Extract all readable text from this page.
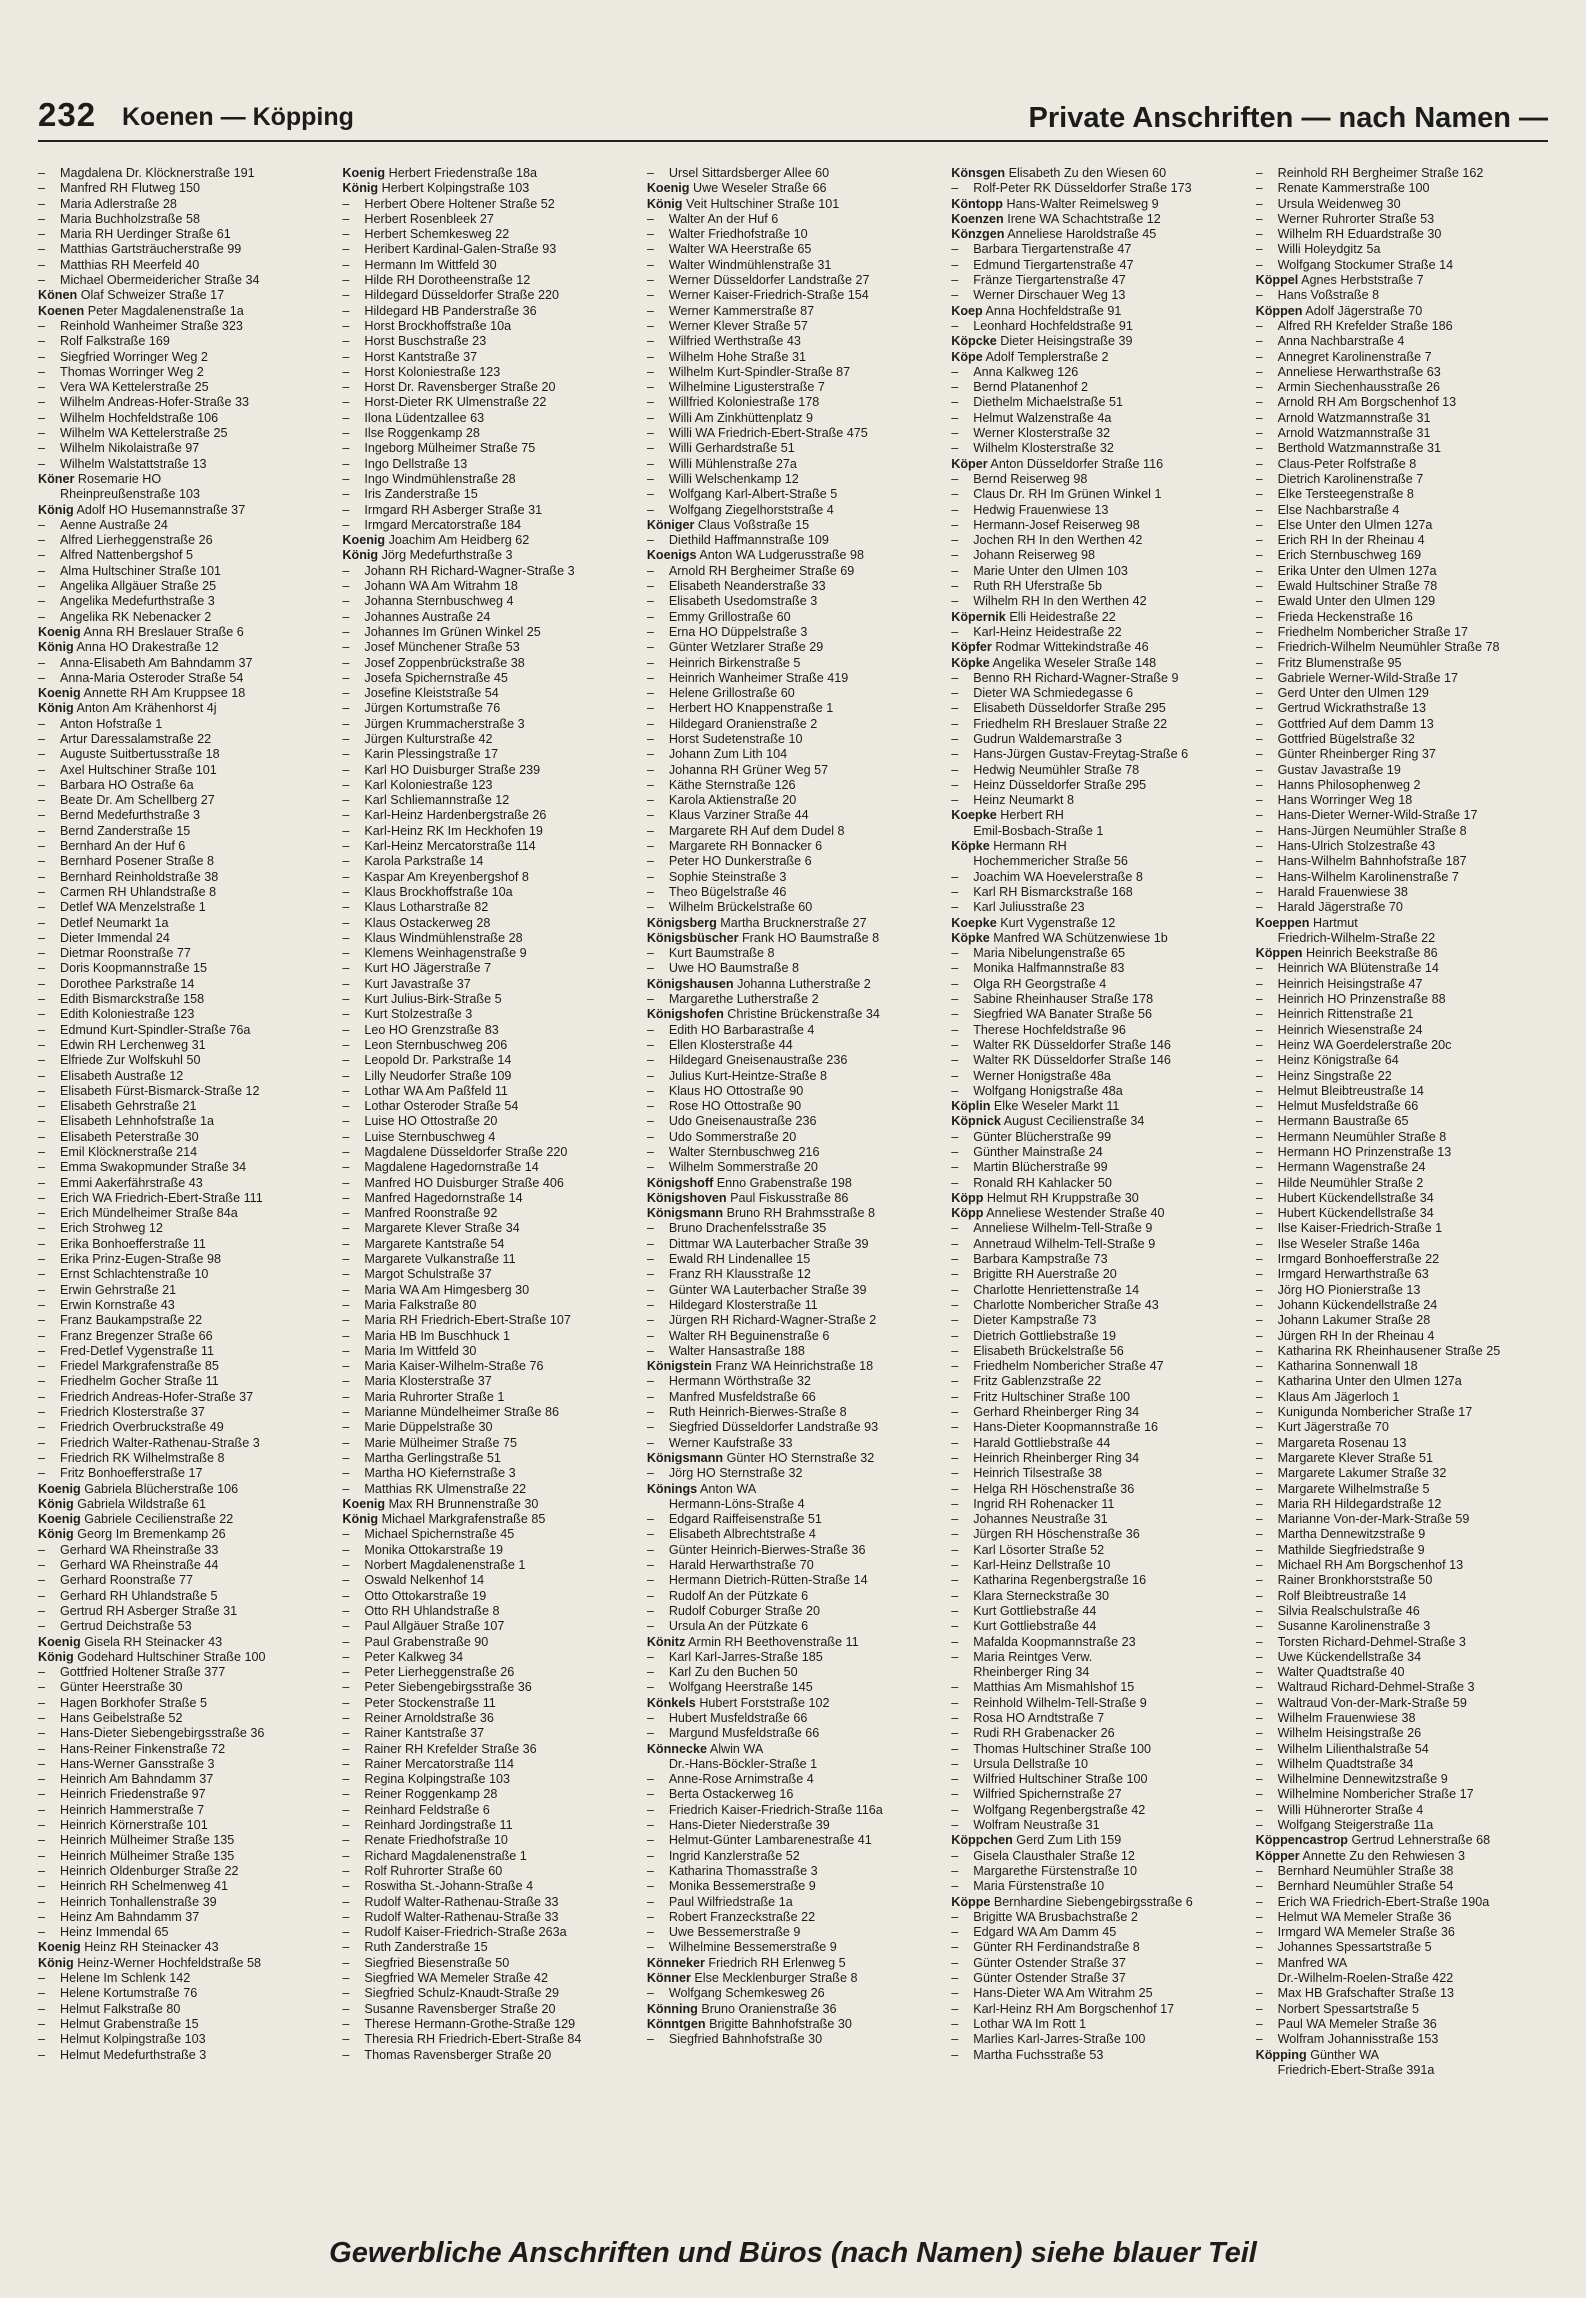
232 Koenen — Köpping	Private Anschriften — nach Namen —
– Magdalena Dr. Klöcknerstraße 191
– Manfred RH Flutweg 150
– Maria Adlerstraße 28
– Maria Buchholzstraße 58
– Maria RH Uerdinger Straße 61
– Matthias Gartsträucherstraße 99
– Matthias RH Meerfeld 40
– Michael Obermeidericher Straße 34
Könen Olaf Schweizer Straße 17
Koenen Peter Magdalenenstraße 1a
– Reinhold Wanheimer Straße 323
– Rolf Falkstraße 169
– Siegfried Worringer Weg 2
– Thomas Worringer Weg 2
– Vera WA Kettelerstraße 25
– Wilhelm Andreas-Hofer-Straße 33
– Wilhelm Hochfeldstraße 106
– Wilhelm WA Kettelerstraße 25
– Wilhelm Nikolaistraße 97
– Wilhelm Walstattstraße 13
Köner Rosemarie HO
Rheinpreußenstraße 103
König Adolf HO Husemannstraße 37
– Aenne Austraße 24
– Alfred Lierheggenstraße 26
– Alfred Nattenbergshof 5
– Alma Hultschiner Straße 101
– Angelika Allgäuer Straße 25
– Angelika Medefurthstraße 3
– Angelika RK Nebenacker 2
Koenig Anna RH Breslauer Straße 6
König Anna HO Drakestraße 12
– Anna-Elisabeth Am Bahndamm 37
– Anna-Maria Osteroder Straße 54
Koenig Annette RH Am Kruppsee 18
König Anton Am Krähenhorst 4j
– Anton Hofstraße 1
– Artur Daressalamstraße 22
– Auguste Suitbertusstraße 18
– Axel Hultschiner Straße 101
– Barbara HO Ostraße 6a
– Beate Dr. Am Schellberg 27
– Bernd Medefurthstraße 3
– Bernd Zanderstraße 15
– Bernhard An der Huf 6
– Bernhard Posener Straße 8
– Bernhard Reinholdstraße 38
– Carmen RH Uhlandstraße 8
– Detlef WA Menzelstraße 1
– Detlef Neumarkt 1a
– Dieter Immendal 24
– Dietmar Roonstraße 77
– Doris Koopmannstraße 15
– Dorothee Parkstraße 14
– Edith Bismarckstraße 158
– Edith Koloniestraße 123
– Edmund Kurt-Spindler-Straße 76a
– Edwin RH Lerchenweg 31
– Elfriede Zur Wolfskuhl 50
– Elisabeth Austraße 12
– Elisabeth Fürst-Bismarck-Straße 12
– Elisabeth Gehrstraße 21
– Elisabeth Lehnhofstraße 1a
– Elisabeth Peterstraße 30
– Emil Klöcknerstraße 214
– Emma Swakopmunder Straße 34
– Emmi Aakerfährstraße 43
– Erich WA Friedrich-Ebert-Straße 111
– Erich Mündelheimer Straße 84a
– Erich Strohweg 12
– Erika Bonhoefferstraße 11
– Erika Prinz-Eugen-Straße 98
– Ernst Schlachtenstraße 10
– Erwin Gehrstraße 21
– Erwin Kornstraße 43
– Franz Baukampstraße 22
– Franz Bregenzer Straße 66
– Fred-Detlef Vygenstraße 11
– Friedel Markgrafenstraße 85
– Friedhelm Gocher Straße 11
– Friedrich Andreas-Hofer-Straße 37
– Friedrich Klosterstraße 37
– Friedrich Overbruckstraße 49
– Friedrich Walter-Rathenau-Straße 3
– Friedrich RK Wilhelmstraße 8
– Fritz Bonhoefferstraße 17
Koenig Gabriela Blücherstraße 106
König Gabriela Wildstraße 61
Koenig Gabriele Cecilienstraße 22
König Georg Im Bremenkamp 26
– Gerhard WA Rheinstraße 33
– Gerhard WA Rheinstraße 44
– Gerhard Roonstraße 77
– Gerhard RH Uhlandstraße 5
– Gertrud RH Asberger Straße 31
– Gertrud Deichstraße 53
Koenig Gisela RH Steinacker 43
König Godehard Hultschiner Straße 100
– Gottfried Holtener Straße 377
– Günter Heerstraße 30
– Hagen Borkhofer Straße 5
– Hans Geibelstraße 52
– Hans-Dieter Siebengebirgsstraße 36
– Hans-Reiner Finkenstraße 72
– Hans-Werner Gansstraße 3
– Heinrich Am Bahndamm 37
– Heinrich Friedenstraße 97
– Heinrich Hammerstraße 7
– Heinrich Körnerstraße 101
– Heinrich Mülheimer Straße 135
– Heinrich Mülheimer Straße 135
– Heinrich Oldenburger Straße 22
– Heinrich RH Schelmenweg 41
– Heinrich Tonhallenstraße 39
– Heinz Am Bahndamm 37
– Heinz Immendal 65
Koenig Heinz RH Steinacker 43
König Heinz-Werner Hochfeldstraße 58
– Helene Im Schlenk 142
– Helene Kortumstraße 76
– Helmut Falkstraße 80
– Helmut Grabenstraße 15
– Helmut Kolpingstraße 103
– Helmut Medefurthstraße 3
Koenig Herbert Friedenstraße 18a
König Herbert Kolpingstraße 103
– Herbert Obere Holtener Straße 52
– Herbert Rosenbleek 27
– Herbert Schemkesweg 22
– Heribert Kardinal-Galen-Straße 93
– Hermann Im Wittfeld 30
– Hilde RH Dorotheenstraße 12
– Hildegard Düsseldorfer Straße 220
– Hildegard HB Panderstraße 36
– Horst Brockhoffstraße 10a
– Horst Buschstraße 23
– Horst Kantstraße 37
– Horst Koloniestraße 123
– Horst Dr. Ravensberger Straße 20
– Horst-Dieter RK Ulmenstraße 22
– Ilona Lüdentzallee 63
– Ilse Roggenkamp 28
– Ingeborg Mülheimer Straße 75
– Ingo Dellstraße 13
– Ingo Windmühlenstraße 28
– Iris Zanderstraße 15
– Irmgard RH Asberger Straße 31
– Irmgard Mercatorstraße 184
Koenig Joachim Am Heidberg 62
König Jörg Medefurthstraße 3
– Johann RH Richard-Wagner-Straße 3
– Johann WA Am Witrahm 18
– Johanna Sternbuschweg 4
– Johannes Austraße 24
– Johannes Im Grünen Winkel 25
– Josef Münchener Straße 53
– Josef Zoppenbrückstraße 38
– Josefa Spichernstraße 45
– Josefine Kleiststraße 54
– Jürgen Kortumstraße 76
– Jürgen Krummacherstraße 3
– Jürgen Kulturstraße 42
– Karin Plessingstraße 17
– Karl HO Duisburger Straße 239
– Karl Koloniestraße 123
– Karl Schliemannstraße 12
– Karl-Heinz Hardenbergstraße 26
– Karl-Heinz RK Im Heckhofen 19
– Karl-Heinz Mercatorstraße 114
– Karola Parkstraße 14
– Kaspar Am Kreyenbergshof 8
– Klaus Brockhoffstraße 10a
– Klaus Lotharstraße 82
– Klaus Ostackerweg 28
– Klaus Windmühlenstraße 28
– Klemens Weinhagenstraße 9
– Kurt HO Jägerstraße 7
– Kurt Javastraße 37
– Kurt Julius-Birk-Straße 5
– Kurt Stolzestraße 3
– Leo HO Grenzstraße 83
– Leon Sternbuschweg 206
– Leopold Dr. Parkstraße 14
– Lilly Neudorfer Straße 109
– Lothar WA Am Paßfeld 11
– Lothar Osteroder Straße 54
– Luise HO Ottostraße 20
– Luise Sternbuschweg 4
– Magdalene Düsseldorfer Straße 220
– Magdalene Hagedornstraße 14
– Manfred HO Duisburger Straße 406
– Manfred Hagedornstraße 14
– Manfred Roonstraße 92
– Margarete Klever Straße 34
– Margarete Kantstraße 54
– Margarete Vulkanstraße 11
– Margot Schulstraße 37
– Maria WA Am Himgesberg 30
– Maria Falkstraße 80
– Maria RH Friedrich-Ebert-Straße 107
– Maria HB Im Buschhuck 1
– Maria Im Wittfeld 30
– Maria Kaiser-Wilhelm-Straße 76
– Maria Klosterstraße 37
– Maria Ruhrorter Straße 1
– Marianne Mündelheimer Straße 86
– Marie Düppelstraße 30
– Marie Mülheimer Straße 75
– Martha Gerlingstraße 51
– Martha HO Kiefernstraße 3
– Matthias RK Ulmenstraße 22
Koenig Max RH Brunnenstraße 30
König Michael Markgrafenstraße 85
– Michael Spichernstraße 45
– Monika Ottokarstraße 19
– Norbert Magdalenenstraße 1
– Oswald Nelkenhof 14
– Otto Ottokarstraße 19
– Otto RH Uhlandstraße 8
– Paul Allgäuer Straße 107
– Paul Grabenstraße 90
– Peter Kalkweg 34
– Peter Lierheggenstraße 26
– Peter Siebengebirgsstraße 36
– Peter Stockenstraße 11
– Reiner Arnoldstraße 36
– Rainer Kantstraße 37
– Rainer RH Krefelder Straße 36
– Rainer Mercatorstraße 114
– Regina Kolpingstraße 103
– Reiner Roggenkamp 28
– Reinhard Feldstraße 6
– Reinhard Jordingstraße 11
– Renate Friedhofstraße 10
– Richard Magdalenenstraße 1
– Rolf Ruhrorter Straße 60
– Roswitha St.-Johann-Straße 4
– Rudolf Walter-Rathenau-Straße 33
– Rudolf Walter-Rathenau-Straße 33
– Rudolf Kaiser-Friedrich-Straße 263a
– Ruth Zanderstraße 15
– Siegfried Biesenstraße 50
– Siegfried WA Memeler Straße 42
– Siegfried Schulz-Knaudt-Straße 29
– Susanne Ravensberger Straße 20
– Therese Hermann-Grothe-Straße 129
– Theresia RH Friedrich-Ebert-Straße 84
– Thomas Ravensberger Straße 20
– Ursel Sittardsberger Allee 60
Koenig Uwe Weseler Straße 66
König Veit Hultschiner Straße 101
– Walter An der Huf 6
– Walter Friedhofstraße 10
– Walter WA Heerstraße 65
– Walter Windmühlenstraße 31
– Werner Düsseldorfer Landstraße 27
– Werner Kaiser-Friedrich-Straße 154
– Werner Kammerstraße 87
– Werner Klever Straße 57
– Wilfried Werthstraße 43
– Wilhelm Hohe Straße 31
– Wilhelm Kurt-Spindler-Straße 87
– Wilhelmine Ligusterstraße 7
– Willfried Koloniestraße 178
– Willi Am Zinkhüttenplatz 9
– Willi WA Friedrich-Ebert-Straße 475
– Willi Gerhardstraße 51
– Willi Mühlenstraße 27a
– Willi Welschenkamp 12
– Wolfgang Karl-Albert-Straße 5
– Wolfgang Ziegelhorststraße 4
Königer Claus Voßstraße 15
– Diethild Haffmannstraße 109
Koenigs Anton WA Ludgerusstraße 98
– Arnold RH Bergheimer Straße 69
– Elisabeth Neanderstraße 33
– Elisabeth Usedomstraße 3
– Emmy Grillostraße 60
– Erna HO Düppelstraße 3
– Günter Wetzlarer Straße 29
– Heinrich Birkenstraße 5
– Heinrich Wanheimer Straße 419
– Helene Grillostraße 60
– Herbert HO Knappenstraße 1
– Hildegard Oranienstraße 2
– Horst Sudetenstraße 10
– Johann Zum Lith 104
– Johanna RH Grüner Weg 57
– Käthe Sternstraße 126
– Karola Aktienstraße 20
– Klaus Varziner Straße 44
– Margarete RH Auf dem Dudel 8
– Margarete RH Bonnacker 6
– Peter HO Dunkerstraße 6
– Sophie Steinstraße 3
– Theo Bügelstraße 46
– Wilhelm Brückelstraße 60
Königsberg Martha Brucknerstraße 27
Königsbüscher Frank HO Baumstraße 8
– Kurt Baumstraße 8
– Uwe HO Baumstraße 8
Königshausen Johanna Lutherstraße 2
– Margarethe Lutherstraße 2
Königshofen Christine Brückenstraße 34
– Edith HO Barbarastraße 4
– Ellen Klosterstraße 44
– Hildegard Gneisenaustraße 236
– Julius Kurt-Heintze-Straße 8
– Klaus HO Ottostraße 90
– Rose HO Ottostraße 90
– Udo Gneisenaustraße 236
– Udo Sommerstraße 20
– Walter Sternbuschweg 216
– Wilhelm Sommerstraße 20
Königshoff Enno Grabenstraße 198
Königshoven Paul Fiskusstraße 86
Königsmann Bruno RH Brahmsstraße 8
– Bruno Drachenfelsstraße 35
– Dittmar WA Lauterbacher Straße 39
– Ewald RH Lindenallee 15
– Franz RH Klausstraße 12
– Günter WA Lauterbacher Straße 39
– Hildegard Klosterstraße 11
– Jürgen RH Richard-Wagner-Straße 2
– Walter RH Beguinenstraße 6
– Walter Hansastraße 188
Königstein Franz WA Heinrichstraße 18
– Hermann Wörthstraße 32
– Manfred Musfeldstraße 66
– Ruth Heinrich-Bierwes-Straße 8
– Siegfried Düsseldorfer Landstraße 93
– Werner Kaufstraße 33
Königsmann Günter HO Sternstraße 32
– Jörg HO Sternstraße 32
Könings Anton WA
Hermann-Löns-Straße 4
– Edgard Raiffeisenstraße 51
– Elisabeth Albrechtstraße 4
– Günter Heinrich-Bierwes-Straße 36
– Harald Herwarthstraße 70
– Hermann Dietrich-Rütten-Straße 14
– Rudolf An der Pützkate 6
– Rudolf Coburger Straße 20
– Ursula An der Pützkate 6
Könitz Armin RH Beethovenstraße 11
– Karl Karl-Jarres-Straße 185
– Karl Zu den Buchen 50
– Wolfgang Heerstraße 145
Könkels Hubert Forststraße 102
– Hubert Musfeldstraße 66
– Margund Musfeldstraße 66
Könnecke Alwin WA
Dr.-Hans-Böckler-Straße 1
– Anne-Rose Arnimstraße 4
– Berta Ostackerweg 16
– Friedrich Kaiser-Friedrich-Straße 116a
– Hans-Dieter Niederstraße 39
– Helmut-Günter Lambarenestraße 41
– Ingrid Kanzlerstraße 52
– Katharina Thomasstraße 3
– Monika Bessemerstraße 9
– Paul Wilfriedstraße 1a
– Robert Franzeckstraße 22
– Uwe Bessemerstraße 9
– Wilhelmine Bessemerstraße 9
Könneker Friedrich RH Erlenweg 5
Könner Else Mecklenburger Straße 8
– Wolfgang Schemkesweg 26
Könning Bruno Oranienstraße 36
Könntgen Brigitte Bahnhofstraße 30
– Siegfried Bahnhofstraße 30
Könsgen Elisabeth Zu den Wiesen 60
– Rolf-Peter RK Düsseldorfer Straße 173
Köntopp Hans-Walter Reimelsweg 9
Koenzen Irene WA Schachtstraße 12
Könzgen Anneliese Haroldstraße 45
– Barbara Tiergartenstraße 47
– Edmund Tiergartenstraße 47
– Fränze Tiergartenstraße 47
– Werner Dirschauer Weg 13
Koep Anna Hochfeldstraße 91
– Leonhard Hochfeldstraße 91
Köpcke Dieter Heisingstraße 39
Köpe Adolf Templerstraße 2
– Anna Kalkweg 126
– Bernd Platanenhof 2
– Diethelm Michaelstraße 51
– Helmut Walzenstraße 4a
– Werner Klosterstraße 32
– Wilhelm Klosterstraße 32
Köper Anton Düsseldorfer Straße 116
– Bernd Reiserweg 98
– Claus Dr. RH Im Grünen Winkel 1
– Hedwig Frauenwiese 13
– Hermann-Josef Reiserweg 98
– Jochen RH In den Werthen 42
– Johann Reiserweg 98
– Marie Unter den Ulmen 103
– Ruth RH Uferstraße 5b
– Wilhelm RH In den Werthen 42
Köpernik Elli Heidestraße 22
– Karl-Heinz Heidestraße 22
Köpfer Rodmar Wittekindstraße 46
Köpke Angelika Weseler Straße 148
– Benno RH Richard-Wagner-Straße 9
– Dieter WA Schmiedegasse 6
– Elisabeth Düsseldorfer Straße 295
– Friedhelm RH Breslauer Straße 22
– Gudrun Waldemarstraße 3
– Hans-Jürgen Gustav-Freytag-Straße 6
– Hedwig Neumühler Straße 78
– Heinz Düsseldorfer Straße 295
– Heinz Neumarkt 8
Koepke Herbert RH
Emil-Bosbach-Straße 1
Köpke Hermann RH
Hochemmericher Straße 56
– Joachim WA Hoevelerstraße 8
– Karl RH Bismarckstraße 168
– Karl Juliusstraße 23
Koepke Kurt Vygenstraße 12
Köpke Manfred WA Schützenwiese 1b
– Maria Nibelungenstraße 65
– Monika Halfmannstraße 83
– Olga RH Georgstraße 4
– Sabine Rheinhauser Straße 178
– Siegfried WA Banater Straße 56
– Therese Hochfeldstraße 96
– Walter RK Düsseldorfer Straße 146
– Walter RK Düsseldorfer Straße 146
– Werner Honigstraße 48a
– Wolfgang Honigstraße 48a
Köplin Elke Weseler Markt 11
Köpnick August Cecilienstraße 34
– Günter Blücherstraße 99
– Günther Mainstraße 24
– Martin Blücherstraße 99
– Ronald RH Kahlacker 50
Köpp Helmut RH Kruppstraße 30
Köpp Anneliese Westender Straße 40
– Anneliese Wilhelm-Tell-Straße 9
– Annetraud Wilhelm-Tell-Straße 9
– Barbara Kampstraße 73
– Brigitte RH Auerstraße 20
– Charlotte Henriettenstraße 14
– Charlotte Nombericher Straße 43
– Dieter Kampstraße 73
– Dietrich Gottliebstraße 19
– Elisabeth Brückelstraße 56
– Friedhelm Nombericher Straße 47
– Fritz Gablenzstraße 22
– Fritz Hultschiner Straße 100
– Gerhard Rheinberger Ring 34
– Hans-Dieter Koopmannstraße 16
– Harald Gottliebstraße 44
– Heinrich Rheinberger Ring 34
– Heinrich Tilsestraße 38
– Helga RH Höschenstraße 36
– Ingrid RH Rohenacker 11
– Johannes Neustraße 31
– Jürgen RH Höschenstraße 36
– Karl Lösorter Straße 52
– Karl-Heinz Dellstraße 10
– Katharina Regenbergstraße 16
– Klara Sterneckstraße 30
– Kurt Gottliebstraße 44
– Kurt Gottliebstraße 44
– Mafalda Koopmannstraße 23
– Maria Reintges Verw.
Rheinberger Ring 34
– Matthias Am Mismahlshof 15
– Reinhold Wilhelm-Tell-Straße 9
– Rosa HO Arndtstraße 7
– Rudi RH Grabenacker 26
– Thomas Hultschiner Straße 100
– Ursula Dellstraße 10
– Wilfried Hultschiner Straße 100
– Wilfried Spichernstraße 27
– Wolfgang Regenbergstraße 42
– Wolfram Neustraße 31
Köppchen Gerd Zum Lith 159
– Gisela Clausthaler Straße 12
– Margarethe Fürstenstraße 10
– Maria Fürstenstraße 10
Köppe Bernhardine Siebengebirgsstraße 6
– Brigitte WA Brusbachstraße 2
– Edgard WA Am Damm 45
– Günter RH Ferdinandstraße 8
– Günter Ostender Straße 37
– Günter Ostender Straße 37
– Hans-Dieter WA Am Witrahm 25
– Karl-Heinz RH Am Borgschenhof 17
– Lothar WA Im Rott 1
– Marlies Karl-Jarres-Straße 100
– Martha Fuchsstraße 53
– Reinhold RH Bergheimer Straße 162
– Renate Kammerstraße 100
– Ursula Weidenweg 30
– Werner Ruhrorter Straße 53
– Wilhelm RH Eduardstraße 30
– Willi Holeydgitz 5a
– Wolfgang Stockumer Straße 14
Köppel Agnes Herbststraße 7
– Hans Voßstraße 8
Köppen Adolf Jägerstraße 70
– Alfred RH Krefelder Straße 186
– Anna Nachbarstraße 4
– Annegret Karolinenstraße 7
– Anneliese Herwarthstraße 63
– Armin Siechenhausstraße 26
– Arnold RH Am Borgschenhof 13
– Arnold Watzmannstraße 31
– Arnold Watzmannstraße 31
– Berthold Watzmannstraße 31
– Claus-Peter Rolfstraße 8
– Dietrich Karolinenstraße 7
– Elke Tersteegenstraße 8
– Else Nachbarstraße 4
– Else Unter den Ulmen 127a
– Erich RH In der Rheinau 4
– Erich Sternbuschweg 169
– Erika Unter den Ulmen 127a
– Ewald Hultschiner Straße 78
– Ewald Unter den Ulmen 129
– Frieda Heckenstraße 16
– Friedhelm Nombericher Straße 17
– Friedrich-Wilhelm Neumühler Straße 78
– Fritz Blumenstraße 95
– Gabriele Werner-Wild-Straße 17
– Gerd Unter den Ulmen 129
– Gertrud Wickrathstraße 13
– Gottfried Auf dem Damm 13
– Gottfried Bügelstraße 32
– Günter Rheinberger Ring 37
– Gustav Javastraße 19
– Hanns Philosophenweg 2
– Hans Worringer Weg 18
– Hans-Dieter Werner-Wild-Straße 17
– Hans-Jürgen Neumühler Straße 8
– Hans-Ulrich Stolzestraße 43
– Hans-Wilhelm Bahnhofstraße 187
– Hans-Wilhelm Karolinenstraße 7
– Harald Frauenwiese 38
– Harald Jägerstraße 70
Koeppen Hartmut
Friedrich-Wilhelm-Straße 22
Köppen Heinrich Beekstraße 86
– Heinrich WA Blütenstraße 14
– Heinrich Heisingstraße 47
– Heinrich HO Prinzenstraße 88
– Heinrich Rittenstraße 21
– Heinrich Wiesenstraße 24
– Heinz WA Goerdelerstraße 20c
– Heinz Königstraße 64
– Heinz Singstraße 22
– Helmut Bleibtreustraße 14
– Helmut Musfeldstraße 66
– Hermann Baustraße 65
– Hermann Neumühler Straße 8
– Hermann HO Prinzenstraße 13
– Hermann Wagenstraße 24
– Hilde Neumühler Straße 2
– Hubert Kückendellstraße 34
– Hubert Kückendellstraße 34
– Ilse Kaiser-Friedrich-Straße 1
– Ilse Weseler Straße 146a
– Irmgard Bonhoefferstraße 22
– Irmgard Herwarthstraße 63
– Jörg HO Pionierstraße 13
– Johann Kückendellstraße 24
– Johann Lakumer Straße 28
– Jürgen RH In der Rheinau 4
– Katharina RK Rheinhausener Straße 25
– Katharina Sonnenwall 18
– Katharina Unter den Ulmen 127a
– Klaus Am Jägerloch 1
– Kunigunda Nombericher Straße 17
– Kurt Jägerstraße 70
– Margareta Rosenau 13
– Margarete Klever Straße 51
– Margarete Lakumer Straße 32
– Margarete Wilhelmstraße 5
– Maria RH Hildegardstraße 12
– Marianne Von-der-Mark-Straße 59
– Martha Dennewitzstraße 9
– Mathilde Siegfriedstraße 9
– Michael RH Am Borgschenhof 13
– Rainer Bronkhorststraße 50
– Rolf Bleibtreustraße 14
– Silvia Realschulstraße 46
– Susanne Karolinenstraße 3
– Torsten Richard-Dehmel-Straße 3
– Uwe Kückendellstraße 34
– Walter Quadtstraße 40
– Waltraud Richard-Dehmel-Straße 3
– Waltraud Von-der-Mark-Straße 59
– Wilhelm Frauenwiese 38
– Wilhelm Heisingstraße 26
– Wilhelm Lilienthalstraße 54
– Wilhelm Quadtstraße 34
– Wilhelmine Dennewitzstraße 9
– Wilhelmine Nombericher Straße 17
– Willi Hühnerorter Straße 4
– Wolfgang Steigerstraße 11a
Köppencastrop Gertrud Lehnerstraße 68
Köpper Annette Zu den Rehwiesen 3
– Bernhard Neumühler Straße 38
– Bernhard Neumühler Straße 54
– Erich WA Friedrich-Ebert-Straße 190a
– Helmut WA Memeler Straße 36
– Irmgard WA Memeler Straße 36
– Johannes Spessartstraße 5
– Manfred WA
Dr.-Wilhelm-Roelen-Straße 422
– Max HB Grafschafter Straße 13
– Norbert Spessartstraße 5
– Paul WA Memeler Straße 36
– Wolfram Johannisstraße 153
Köpping Günther WA
Friedrich-Ebert-Straße 391a
Gewerbliche Anschriften und Büros (nach Namen) siehe blauer Teil
